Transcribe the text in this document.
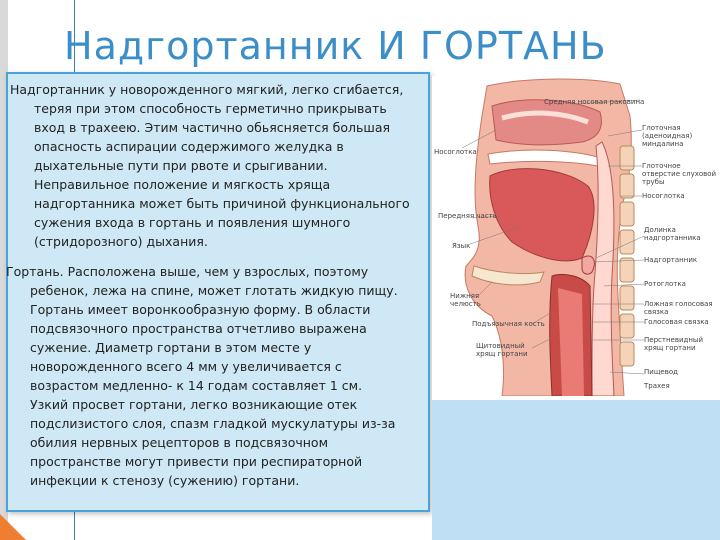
Надгортанник И ГОРТАНЬ
Надгортанник у новорожденного мягкий, легко сгибается,
теряя при этом способность герметично прикрывать
вход в трахеею. Этим частично обьясняется большая
опасность аспирации содержимого желудка в
дыхательные пути при рвоте и срыгивании.
Неправильное положение и мягкость хряща
надгортанника может быть причиной функционального
сужения входа в гортань и появления шумного
(стридорозного) дыхания.
Гортань. Расположена выше, чем у взрослых, поэтому
ребенок, лежа на спине, может глотать жидкую пищу.
Гортань имеет воронкообразную форму. В области
подсвязочного пространства отчетливо выражена
сужение. Диаметр гортани в этом месте у
новорожденного всего 4 мм у увеличивается с
возрастом медленно- к 14 годам составляет 1 см.
Узкий просвет гортани, легко возникающие отек
подслизистого слоя, спазм гладкой мускулатуры из-за
обилия нервных рецепторов в подсвязочном
пространстве могут привести при респираторной
инфекции к стенозу (сужению) гортани.
Средняя носовая раковина
Носоглотка
Глоточная (аденоидная) миндалина
Глоточное отверстие слуховой трубы
Носоглотка
Передняя часть
Язык
Долинка надгортанника
Надгортанник
Ротоглотка
Нижняя челюсть	Ложная голосовая связка
Голосовая связка
Подъязычная кость
Щитовидный хрящ гортани
Перстневидный хрящ гортани
Пищевод
Трахея
